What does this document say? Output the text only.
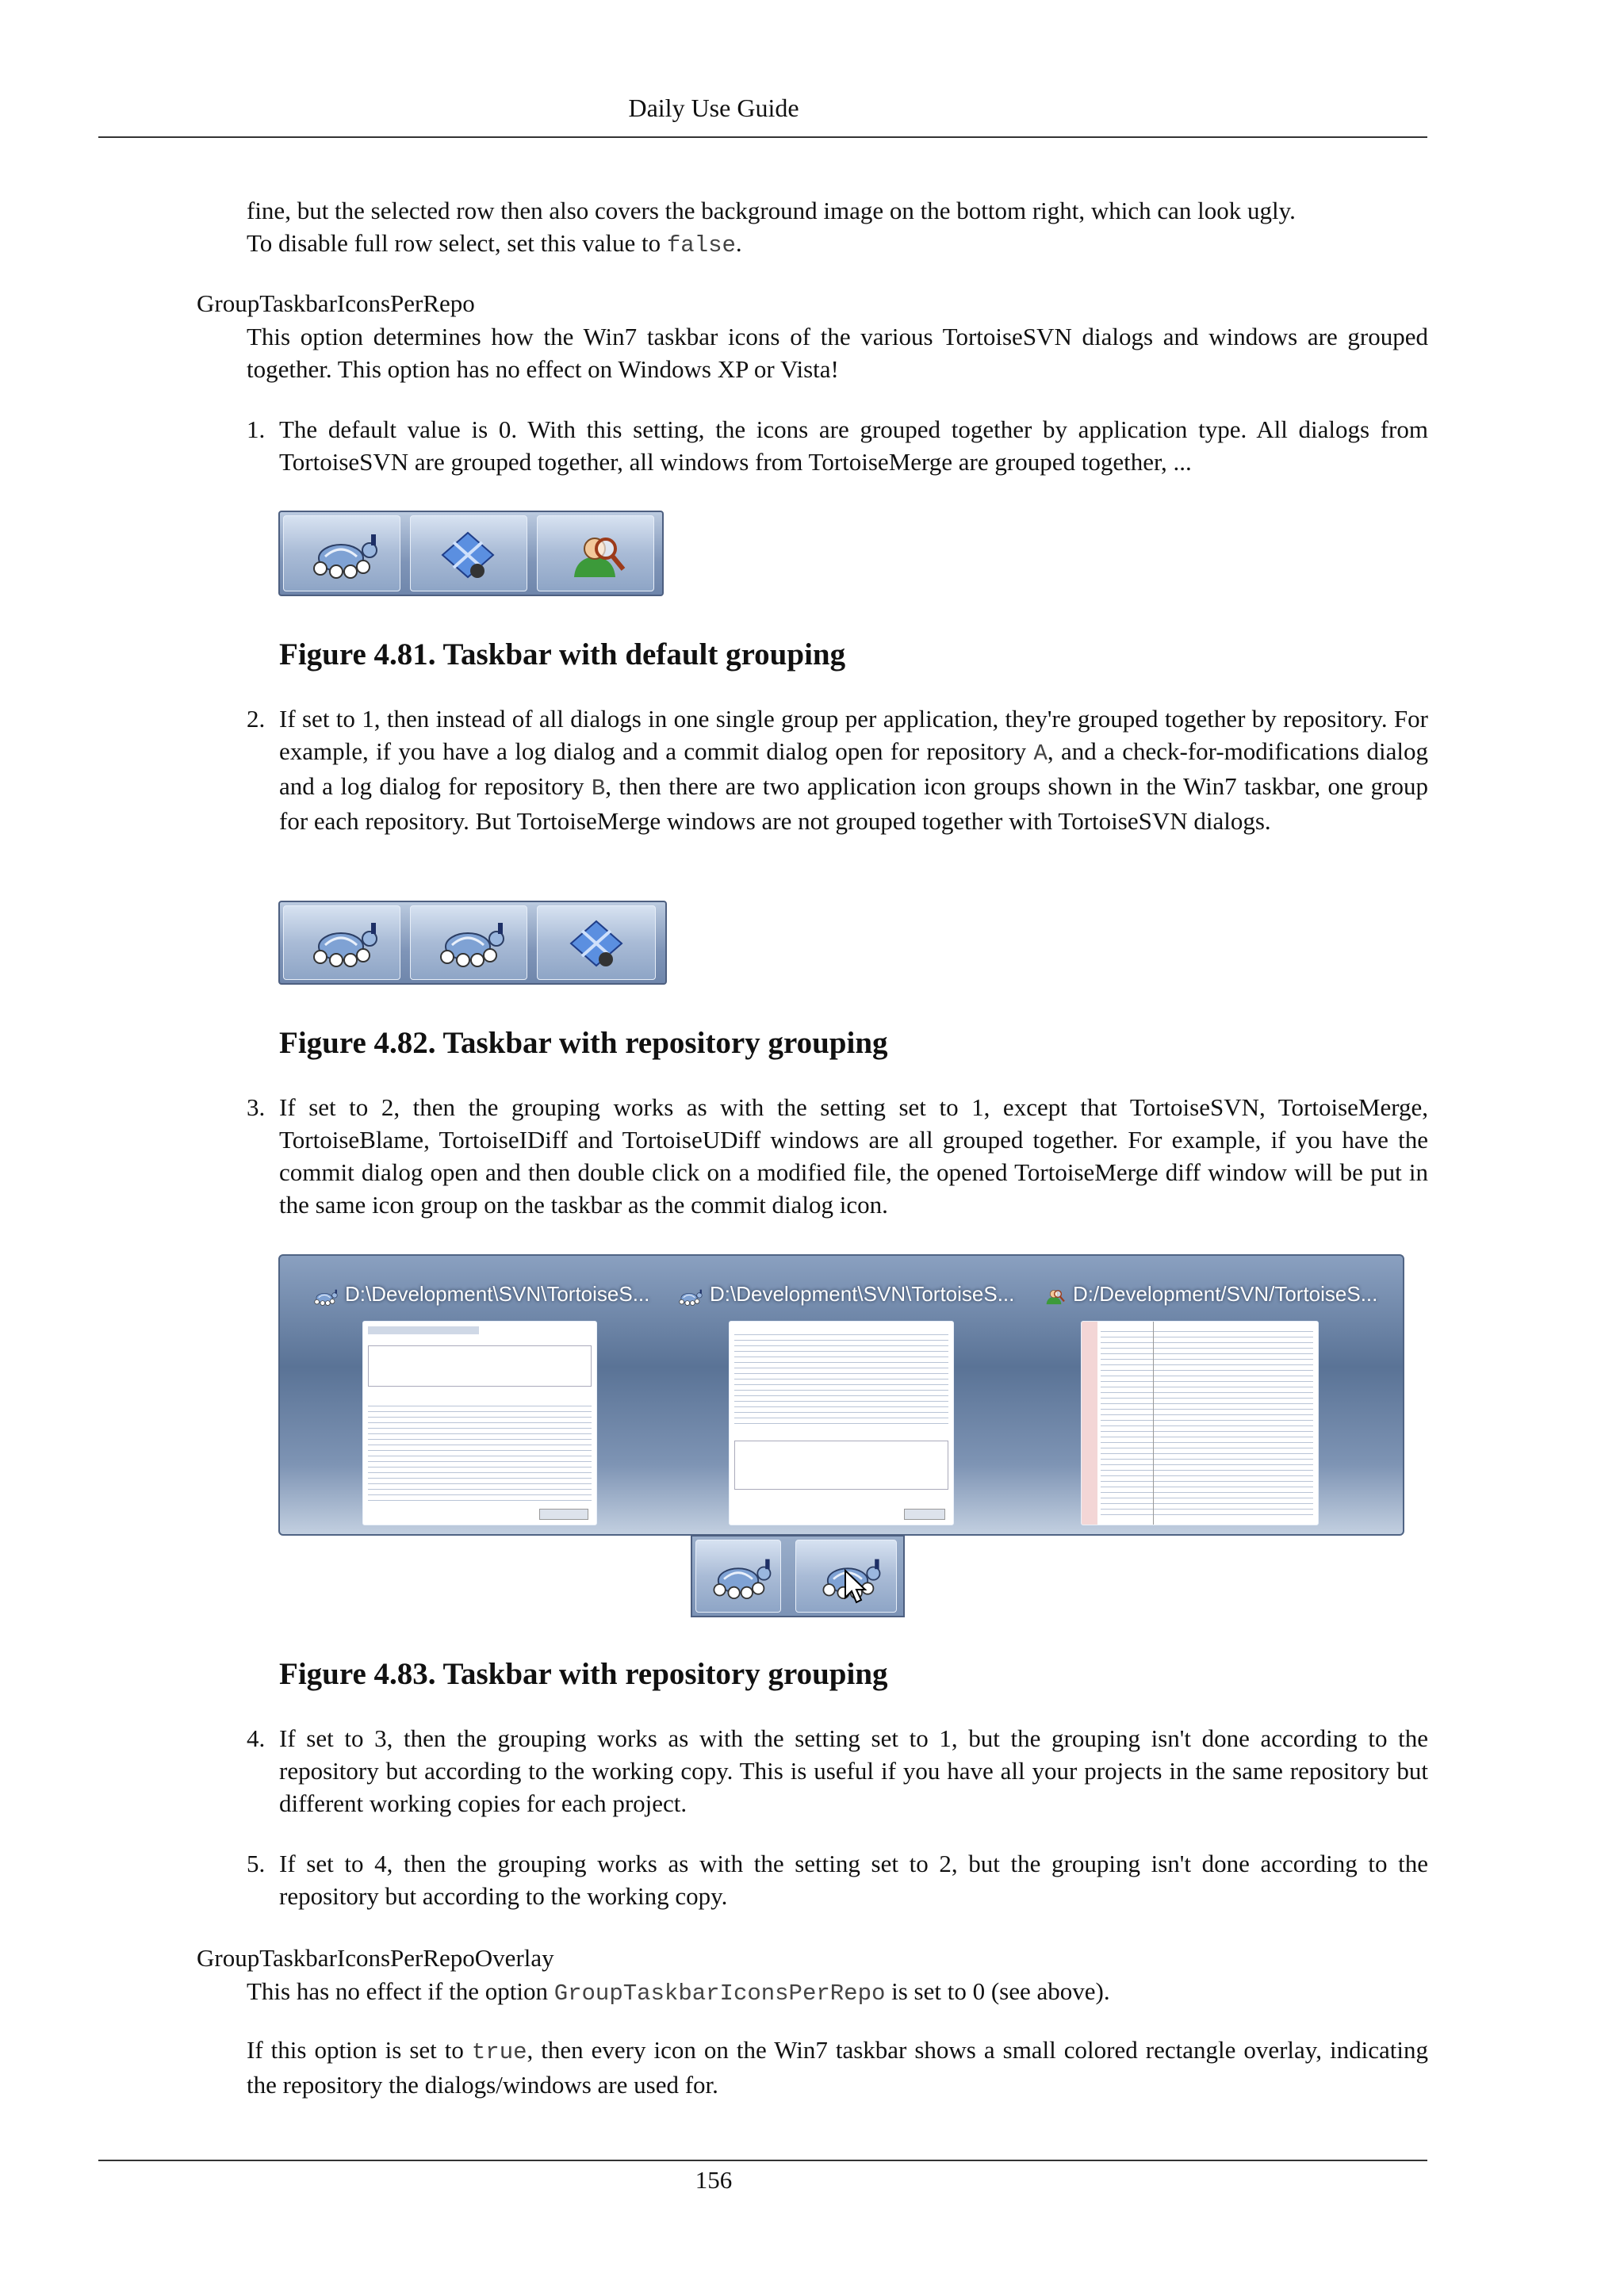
Daily Use Guide

fine, but the selected row then also covers the background image on the bottom right, which can look ugly.
To disable full row select, set this value to false.

GroupTaskbarIconsPerRepo

This option determines how the Win7 taskbar icons of the various TortoiseSVN dialogs and windows are grouped together. This option has no effect on Windows XP or Vista!

1. The default value is 0. With this setting, the icons are grouped together by application type. All dialogs from TortoiseSVN are grouped together, all windows from TortoiseMerge are grouped together, ...

Figure 4.81. Taskbar with default grouping
2. If set to 1, then instead of all dialogs in one single group per application, they're grouped together by repository. For example, if you have a log dialog and a commit dialog open for repository A, and a check-for-modifications dialog and a log dialog for repository B, then there are two application icon groups shown in the Win7 taskbar, one group for each repository. But TortoiseMerge windows are not grouped together with TortoiseSVN dialogs.

Figure 4.82. Taskbar with repository grouping
3. If set to 2, then the grouping works as with the setting set to 1, except that TortoiseSVN, TortoiseMerge, TortoiseBlame, TortoiseIDiff and TortoiseUDiff windows are all grouped together. For example, if you have the commit dialog open and then double click on a modified file, the opened TortoiseMerge diff window will be put in the same icon group on the taskbar as the commit dialog icon.

D:\Development\SVN\TortoiseS...	D:\Development\SVN\TortoiseS...	D:/Development/SVN/TortoiseS...
Figure 4.83. Taskbar with repository grouping
4. If set to 3, then the grouping works as with the setting set to 1, but the grouping isn't done according to the repository but according to the working copy. This is useful if you have all your projects in the same repository but different working copies for each project.

5. If set to 4, then the grouping works as with the setting set to 2, but the grouping isn't done according to the repository but according to the working copy.

GroupTaskbarIconsPerRepoOverlay

This has no effect if the option GroupTaskbarIconsPerRepo is set to 0 (see above).

If this option is set to true, then every icon on the Win7 taskbar shows a small colored rectangle overlay, indicating the repository the dialogs/windows are used for.

156
